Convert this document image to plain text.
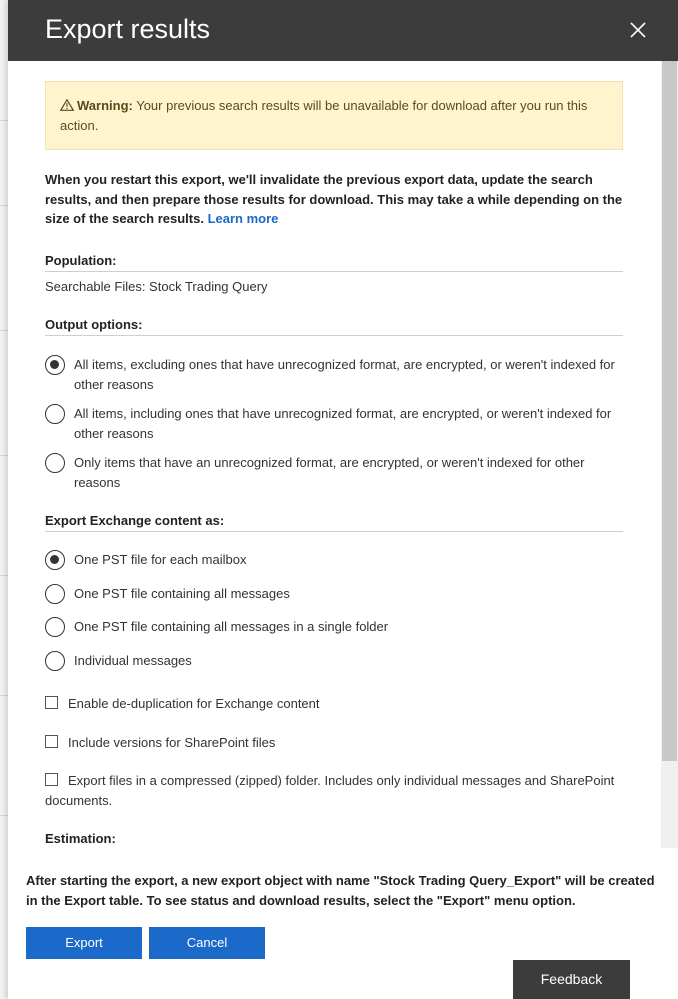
Export results
Warning: Your previous search results will be unavailable for download after you run this action.
When you restart this export, we'll invalidate the previous export data, update the search results, and then prepare those results for download. This may take a while depending on the size of the search results. Learn more
Population:
Searchable Files: Stock Trading Query
Output options:
All items, excluding ones that have unrecognized format, are encrypted, or weren't indexed for other reasons
All items, including ones that have unrecognized format, are encrypted, or weren't indexed for other reasons
Only items that have an unrecognized format, are encrypted, or weren't indexed for other reasons
Export Exchange content as:
One PST file for each mailbox
One PST file containing all messages
One PST file containing all messages in a single folder
Individual messages
Enable de-duplication for Exchange content
Include versions for SharePoint files
Export files in a compressed (zipped) folder. Includes only individual messages and SharePoint documents.
Estimation:
After starting the export, a new export object with name "Stock Trading Query_Export" will be created in the Export table. To see status and download results, select the "Export" menu option.
Export	Cancel
Feedback
